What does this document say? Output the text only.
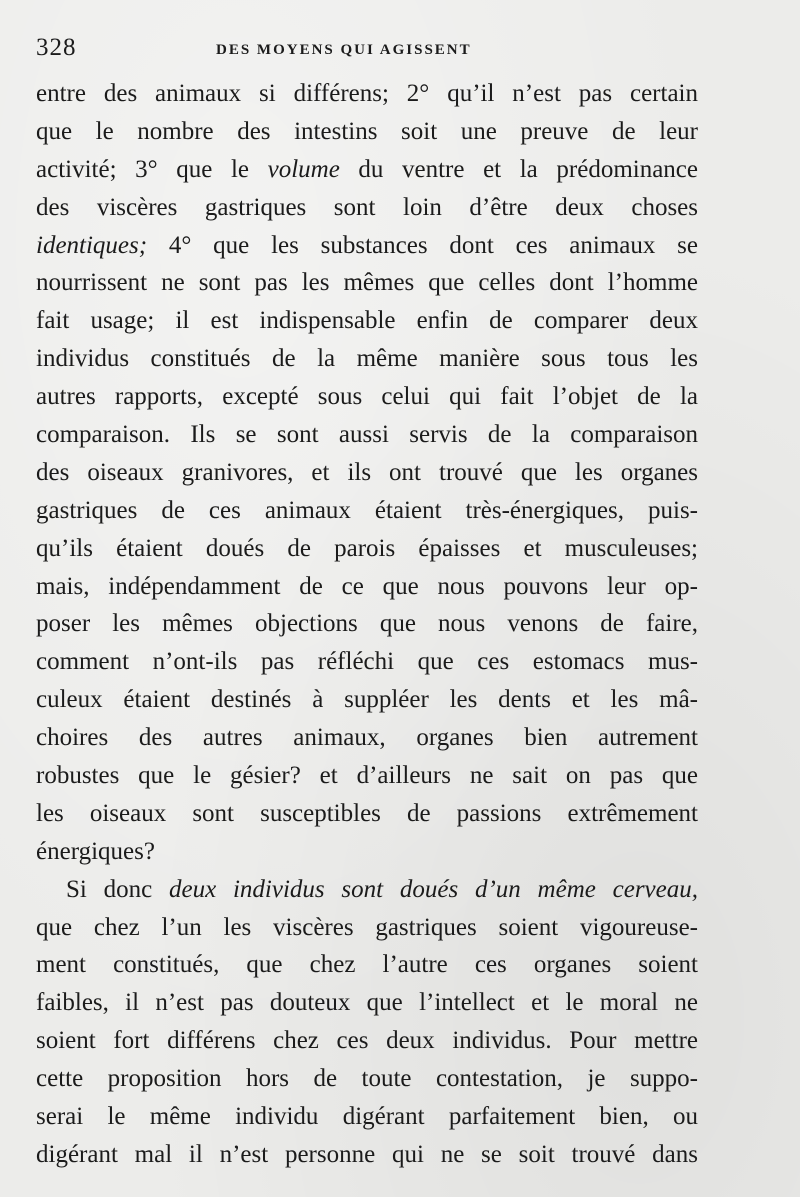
328	DES MOYENS QUI AGISSENT
entre des animaux si différens; 2° qu’il n’est pas certain
que le nombre des intestins soit une preuve de leur
activité; 3° que le volume du ventre et la prédominance
des viscères gastriques sont loin d’être deux choses
identiques; 4° que les substances dont ces animaux se
nourrissent ne sont pas les mêmes que celles dont l’homme
fait usage; il est indispensable enfin de comparer deux
individus constitués de la même manière sous tous les
autres rapports, excepté sous celui qui fait l’objet de la
comparaison. Ils se sont aussi servis de la comparaison
des oiseaux granivores, et ils ont trouvé que les organes
gastriques de ces animaux étaient très-énergiques, puis-
qu’ils étaient doués de parois épaisses et musculeuses;
mais, indépendamment de ce que nous pouvons leur op-
poser les mêmes objections que nous venons de faire,
comment n’ont-ils pas réfléchi que ces estomacs mus-
culeux étaient destinés à suppléer les dents et les mâ-
choires des autres animaux, organes bien autrement
robustes que le gésier? et d’ailleurs ne sait on pas que
les oiseaux sont susceptibles de passions extrêmement
énergiques?
Si donc deux individus sont doués d’un même cerveau,
que chez l’un les viscères gastriques soient vigoureuse-
ment constitués, que chez l’autre ces organes soient
faibles, il n’est pas douteux que l’intellect et le moral ne
soient fort différens chez ces deux individus. Pour mettre
cette proposition hors de toute contestation, je suppo-
serai le même individu digérant parfaitement bien, ou
digérant mal il n’est personne qui ne se soit trouvé dans
